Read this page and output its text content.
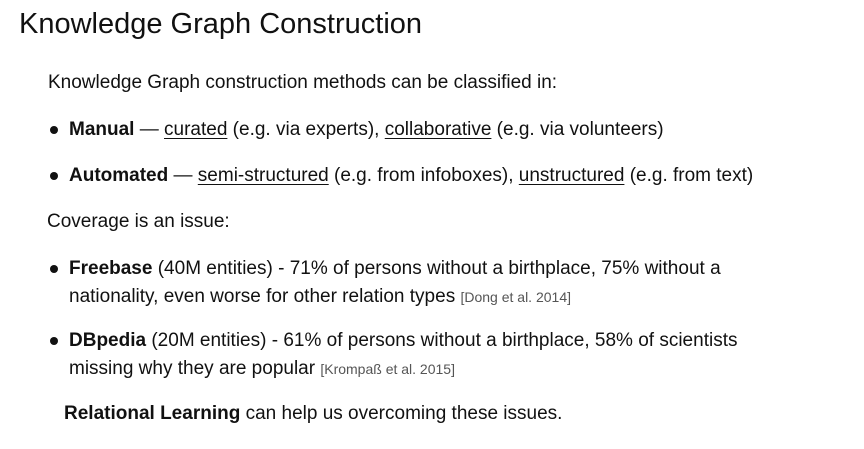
Knowledge Graph Construction
Knowledge Graph construction methods can be classified in:
Manual — curated (e.g. via experts), collaborative (e.g. via volunteers)
Automated — semi-structured (e.g. from infoboxes), unstructured (e.g. from text)
Coverage is an issue:
Freebase (40M entities) - 71% of persons without a birthplace, 75% without a
nationality, even worse for other relation types [Dong et al. 2014]
DBpedia (20M entities) - 61% of persons without a birthplace, 58% of scientists
missing why they are popular [Krompaß et al. 2015]
Relational Learning can help us overcoming these issues.
